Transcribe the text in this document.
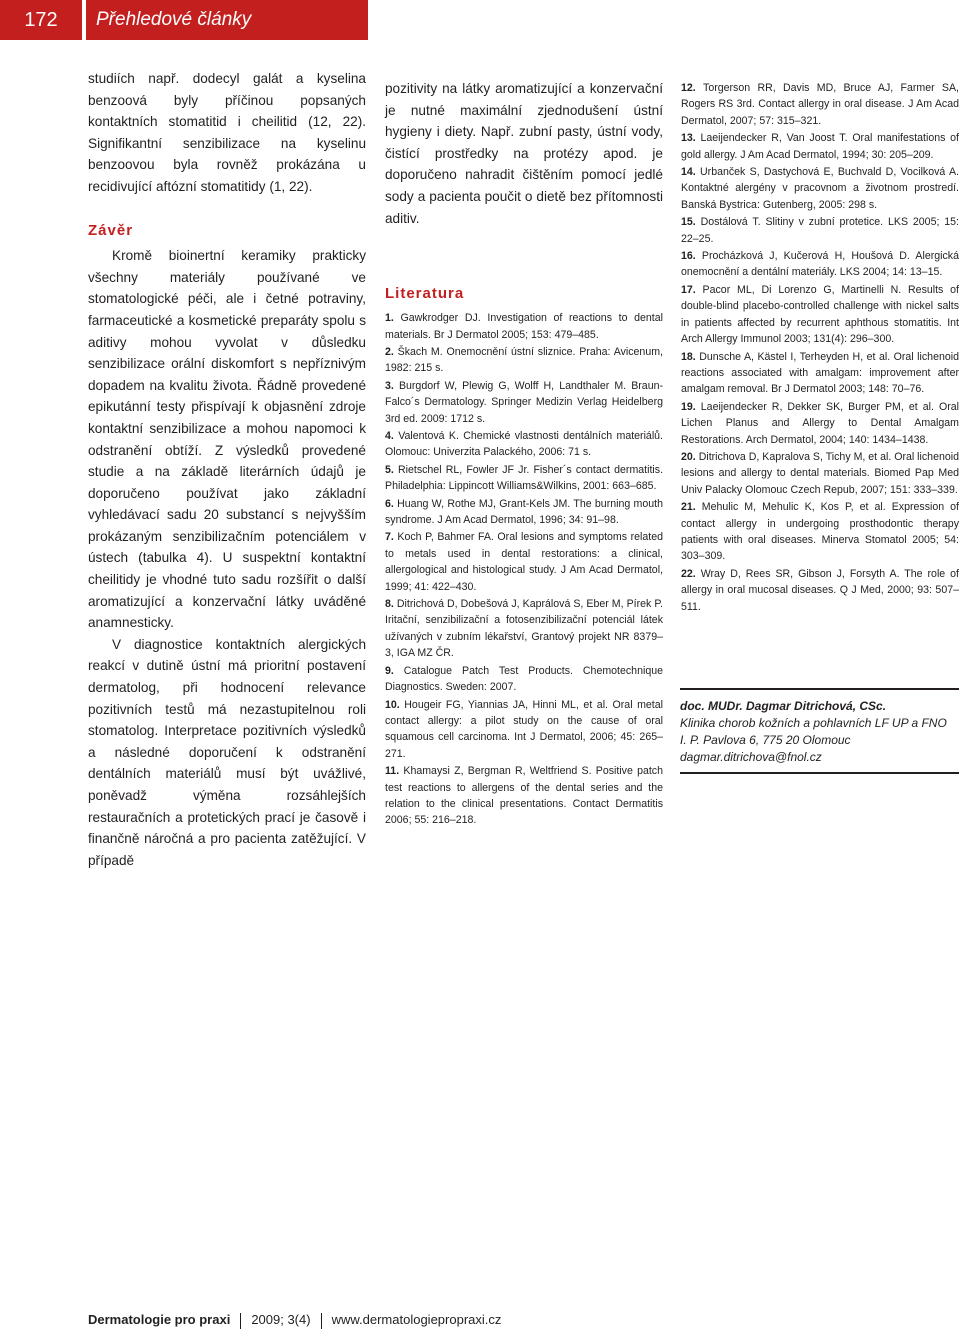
172	Přehledové články

studiích např. dodecyl galát a kyselina benzoová byly příčinou popsaných kontaktních stomatitid i cheilitid (12, 22). Signifikantní senzibilizace na kyselinu benzoovou byla rovněž prokázána u recidivující aftózní stomatitidy (1, 22).

Závěr

Kromě bioinertní keramiky prakticky všechny materiály používané ve stomatologické péči, ale i četné potraviny, farmaceutické a kosmetické preparáty spolu s aditivy mohou vyvolat v důsledku senzibilizace orální diskomfort s nepříznivým dopadem na kvalitu života. Řádně provedené epikutánní testy přispívají k objasnění zdroje kontaktní senzibilizace a mohou napomoci k odstranění obtíží. Z výsledků provedené studie a na základě literárních údajů je doporučeno používat jako základní vyhledávací sadu 20 substancí s nejvyšším prokázaným senzibilizačním potenciálem v ústech (tabulka 4). U suspektní kontaktní cheilitidy je vhodné tuto sadu rozšířit o další aromatizující a konzervační látky uváděné anamnesticky.

V diagnostice kontaktních alergických reakcí v dutině ústní má prioritní postavení dermatolog, při hodnocení relevance pozitivních testů má nezastupitelnou roli stomatolog. Interpretace pozitivních výsledků a následné doporučení k odstranění dentálních materiálů musí být uvážlivé, poněvadž výměna rozsáhlejších restauračních a protetických prací je časově i finančně náročná a pro pacienta zatěžující. V případě

pozitivity na látky aromatizující a konzervační je nutné maximální zjednodušení ústní hygieny i diety. Např. zubní pasty, ústní vody, čistící prostředky na protézy apod. je doporučeno nahradit čištěním pomocí jedlé sody a pacienta poučit o dietě bez přítomnosti aditiv.

Literatura

1. Gawkrodger DJ. Investigation of reactions to dental materials. Br J Dermatol 2005; 153: 479–485.

2. Škach M. Onemocnění ústní sliznice. Praha: Avicenum, 1982: 215 s.

3. Burgdorf W, Plewig G, Wolff H, Landthaler M. Braun-Falco´s Dermatology. Springer Medizin Verlag Heidelberg 3rd ed. 2009: 1712 s.

4. Valentová K. Chemické vlastnosti dentálních materiálů. Olomouc: Univerzita Palackého, 2006: 71 s.

5. Rietschel RL, Fowler JF Jr. Fisher´s contact dermatitis. Philadelphia: Lippincott Williams&Wilkins, 2001: 663–685.

6. Huang W, Rothe MJ, Grant-Kels JM. The burning mouth syndrome. J Am Acad Dermatol, 1996; 34: 91–98.

7. Koch P, Bahmer FA. Oral lesions and symptoms related to metals used in dental restorations: a clinical, allergological and histological study. J Am Acad Dermatol, 1999; 41: 422–430.

8. Ditrichová D, Dobešová J, Kaprálová S, Eber M, Pírek P. Iritační, senzibilizační a fotosenzibilizační potenciál látek užívaných v zubním lékařství, Grantový projekt NR 8379–3, IGA MZ ČR.

9. Catalogue Patch Test Products. Chemotechnique Diagnostics. Sweden: 2007.

10. Hougeir FG, Yiannias JA, Hinni ML, et al. Oral metal contact allergy: a pilot study on the cause of oral squamous cell carcinoma. Int J Dermatol, 2006; 45: 265–271.

11. Khamaysi Z, Bergman R, Weltfriend S. Positive patch test reactions to allergens of the dental series and the relation to the clinical presentations. Contact Dermatitis 2006; 55: 216–218.

12. Torgerson RR, Davis MD, Bruce AJ, Farmer SA, Rogers RS 3rd. Contact allergy in oral disease. J Am Acad Dermatol, 2007; 57: 315–321.

13. Laeijendecker R, Van Joost T. Oral manifestations of gold allergy. J Am Acad Dermatol, 1994; 30: 205–209.

14. Urbanček S, Dastychová E, Buchvald D, Vocilková A. Kontaktné alergény v pracovnom a životnom prostredí. Banská Bystrica: Gutenberg, 2005: 298 s.

15. Dostálová T. Slitiny v zubní protetice. LKS 2005; 15: 22–25.

16. Procházková J, Kučerová H, Houšová D. Alergická onemocnění a dentální materiály. LKS 2004; 14: 13–15.

17. Pacor ML, Di Lorenzo G, Martinelli N. Results of double-blind placebo-controlled challenge with nickel salts in patients affected by recurrent aphthous stomatitis. Int Arch Allergy Immunol 2003; 131(4): 296–300.

18. Dunsche A, Kästel I, Terheyden H, et al. Oral lichenoid reactions associated with amalgam: improvement after amalgam removal. Br J Dermatol 2003; 148: 70–76.

19. Laeijendecker R, Dekker SK, Burger PM, et al. Oral Lichen Planus and Allergy to Dental Amalgam Restorations. Arch Dermatol, 2004; 140: 1434–1438.

20. Ditrichova D, Kapralova S, Tichy M, et al. Oral lichenoid lesions and allergy to dental materials. Biomed Pap Med Univ Palacky Olomouc Czech Repub, 2007; 151: 333–339.

21. Mehulic M, Mehulic K, Kos P, et al. Expression of contact allergy in undergoing prosthodontic therapy patients with oral diseases. Minerva Stomatol 2005; 54: 303–309.

22. Wray D, Rees SR, Gibson J, Forsyth A. The role of allergy in oral mucosal diseases. Q J Med, 2000; 93: 507–511.

doc. MUDr. Dagmar Ditrichová, CSc.
Klinika chorob kožních a pohlavních LF UP a FNO
I. P. Pavlova 6, 775 20 Olomouc
dagmar.ditrichova@fnol.cz
Dermatologie pro praxi 2009; 3(4) www.dermatologiepropraxi.cz
